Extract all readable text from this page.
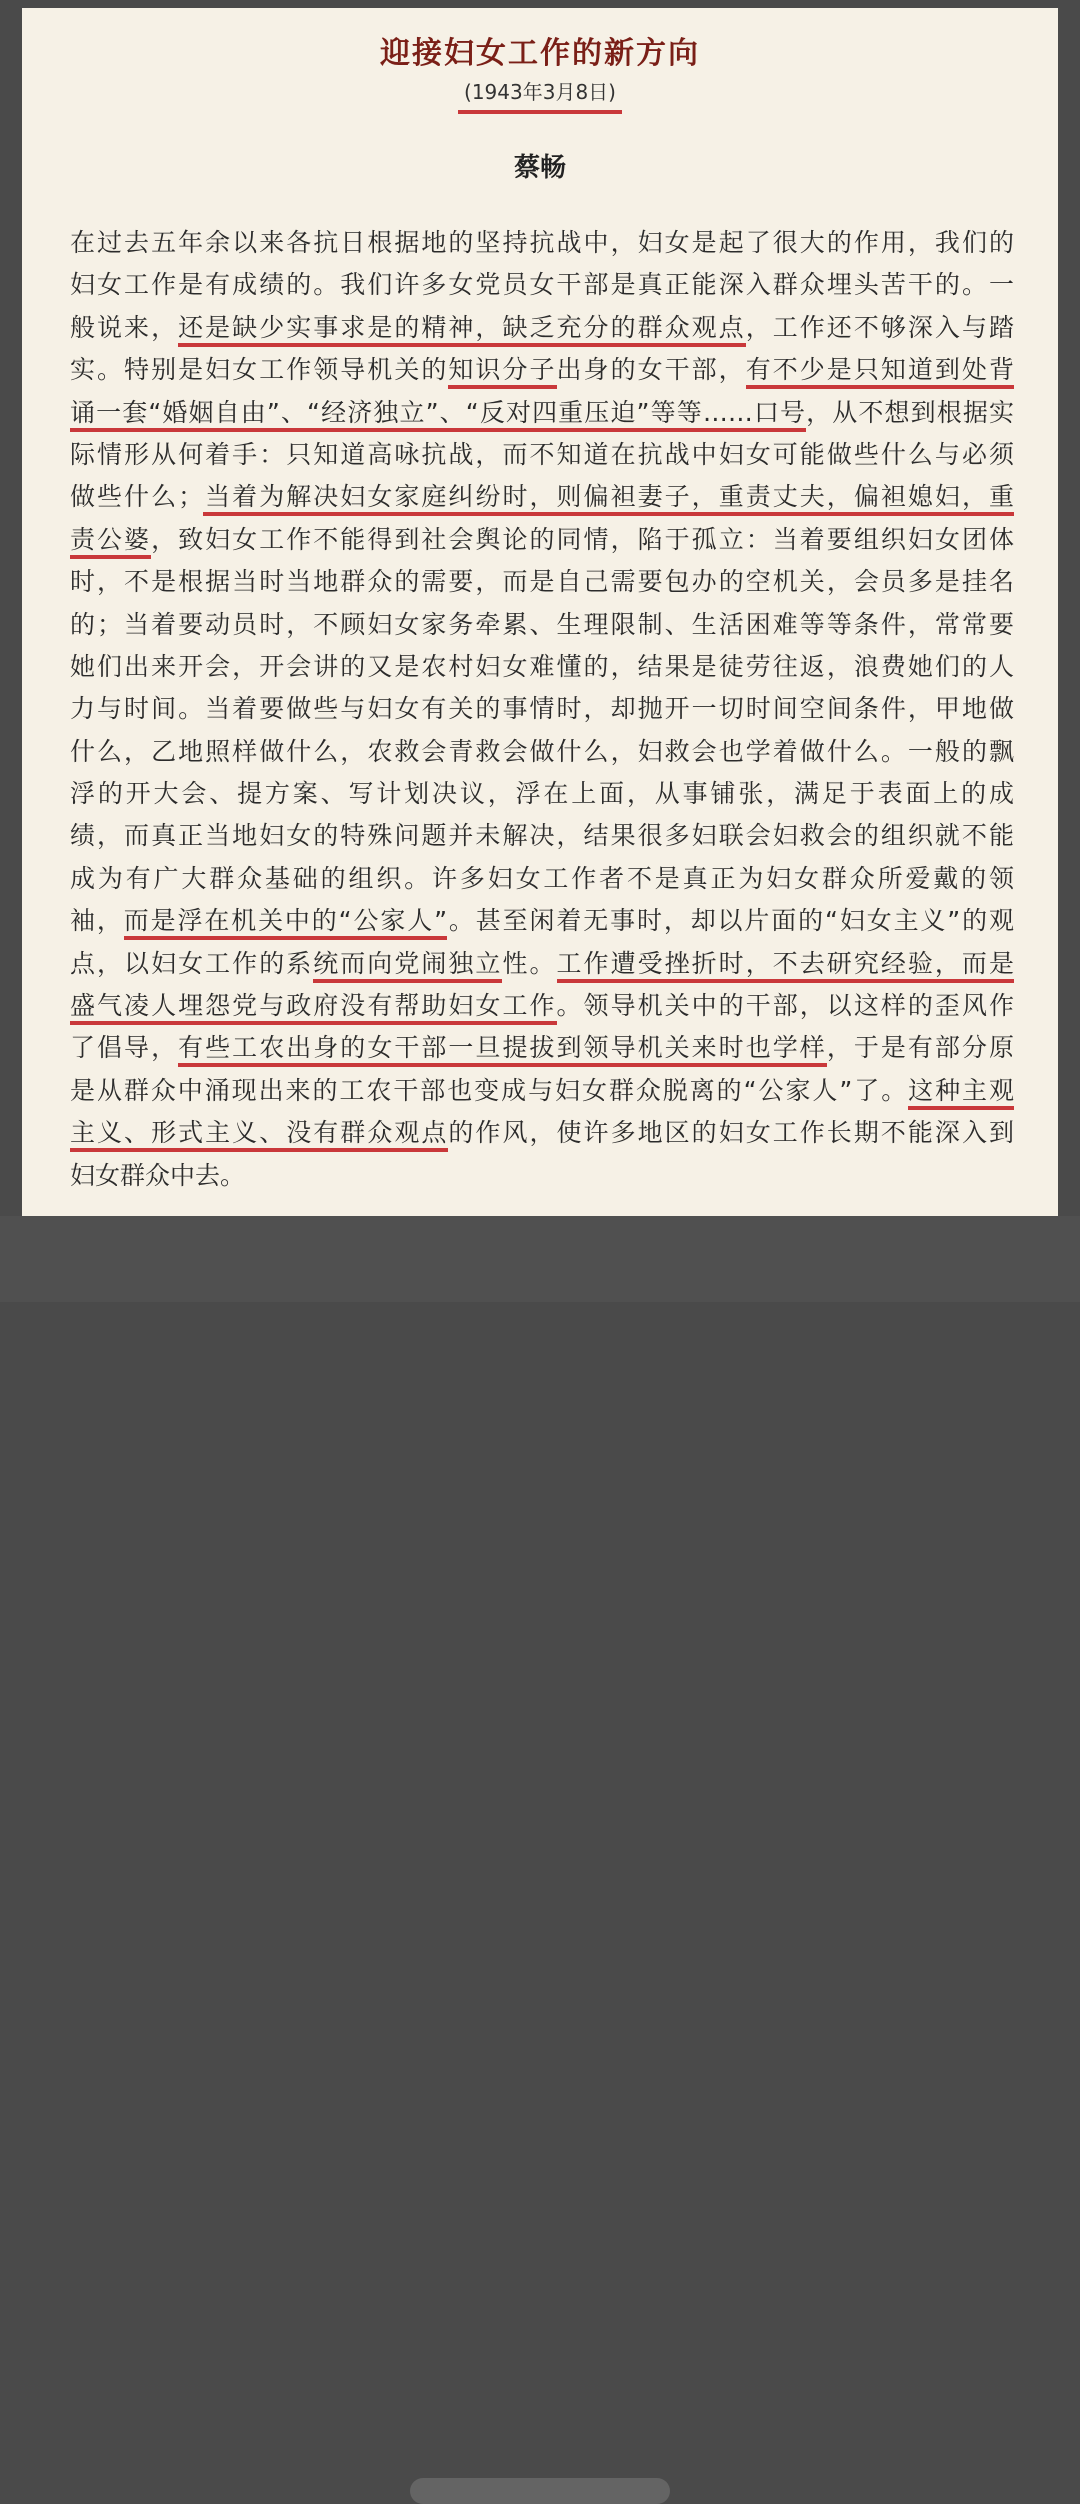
迎接妇女工作的新方向
(1943年3月8日)
蔡畅
在过去五年余以来各抗日根据地的坚持抗战中，妇女是起了很大的作用，我们的
妇女工作是有成绩的。我们许多女党员女干部是真正能深入群众埋头苦干的。一
般说来，还是缺少实事求是的精神，缺乏充分的群众观点，工作还不够深入与踏
实。特别是妇女工作领导机关的知识分子出身的女干部，有不少是只知道到处背
诵一套“婚姻自由”、“经济独立”、“反对四重压迫”等等……口号，从不想到根据实
际情形从何着手：只知道高咏抗战，而不知道在抗战中妇女可能做些什么与必须
做些什么；当着为解决妇女家庭纠纷时，则偏袒妻子，重责丈夫，偏袒媳妇，重
责公婆，致妇女工作不能得到社会舆论的同情，陷于孤立：当着要组织妇女团体
时，不是根据当时当地群众的需要，而是自己需要包办的空机关，会员多是挂名
的；当着要动员时，不顾妇女家务牵累、生理限制、生活困难等等条件，常常要
她们出来开会，开会讲的又是农村妇女难懂的，结果是徒劳往返，浪费她们的人
力与时间。当着要做些与妇女有关的事情时，却抛开一切时间空间条件，甲地做
什么，乙地照样做什么，农救会青救会做什么，妇救会也学着做什么。一般的飘
浮的开大会、提方案、写计划决议，浮在上面，从事铺张，满足于表面上的成
绩，而真正当地妇女的特殊问题并未解决，结果很多妇联会妇救会的组织就不能
成为有广大群众基础的组织。许多妇女工作者不是真正为妇女群众所爱戴的领
袖，而是浮在机关中的“公家人”。甚至闲着无事时，却以片面的“妇女主义”的观
点，以妇女工作的系统而向党闹独立性。工作遭受挫折时，不去研究经验，而是
盛气凌人埋怨党与政府没有帮助妇女工作。领导机关中的干部，以这样的歪风作
了倡导，有些工农出身的女干部一旦提拔到领导机关来时也学样，于是有部分原
是从群众中涌现出来的工农干部也变成与妇女群众脱离的“公家人”了。这种主观
主义、形式主义、没有群众观点的作风，使许多地区的妇女工作长期不能深入到
妇女群众中去。
